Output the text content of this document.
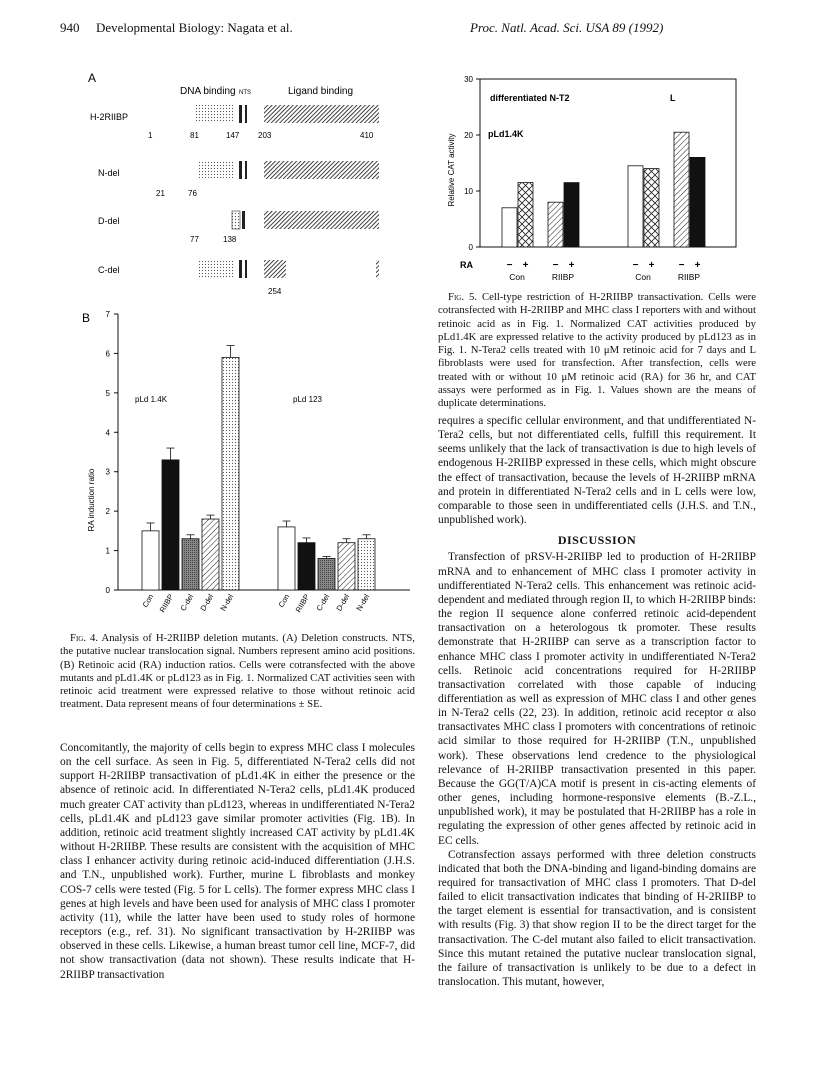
940 Developmental Biology: Nagata et al.	Proc. Natl. Acad. Sci. USA 89 (1992)
A
DNA binding NTS	Ligand binding
H-2RIIBP
1	81	147 203	410
N-del
21	76
D-del
77	138
C-del
254
B
RA induction ratio
pLd 1.4K	pLd 123
0
1
2
3
4
5
6
7
Con RIIBP C-del D-del N-del	Con RIIBP C-del D-del N-del

Fig. 4. Analysis of H-2RIIBP deletion mutants. (A) Deletion constructs. NTS, the putative nuclear translocation signal. Numbers represent amino acid positions. (B) Retinoic acid (RA) induction ratios. Cells were cotransfected with the above mutants and pLd1.4K or pLd123 as in Fig. 1. Normalized CAT activities seen with retinoic acid treatment were expressed relative to those without retinoic acid treatment. Data represent means of four determinations ± SE.

Concomitantly, the majority of cells begin to express MHC class I molecules on the cell surface. As seen in Fig. 5, differentiated N-Tera2 cells did not support H-2RIIBP transactivation of pLd1.4K in either the presence or the absence of retinoic acid. In differentiated N-Tera2 cells, pLd1.4K produced much greater CAT activity than pLd123, whereas in undifferentiated N-Tera2 cells, pLd1.4K and pLd123 gave similar promoter activities (Fig. 1B). In addition, retinoic acid treatment slightly increased CAT activity by pLd1.4K without H-2RIIBP. These results are consistent with the acquisition of MHC class I enhancer activity during retinoic acid-induced differentiation (J.H.S. and T.N., unpublished work). Further, murine L fibroblasts and monkey COS-7 cells were tested (Fig. 5 for L cells). The former express MHC class I genes at high levels and have been used for analysis of MHC class I promoter activity (11), while the latter have been used to study roles of hormone receptors (e.g., ref. 31). No significant transactivation by H-2RIIBP was observed in these cells. Likewise, a human breast tumor cell line, MCF-7, did not show transactivation (data not shown). These results indicate that H-2RIIBP transactivation

Relative CAT activity
differentiated N-T2	L
pLd1.4K
RA
0
10
20
30
− + − +
Con	RIIBP
− + − +
Con	RIIBP

Fig. 5. Cell-type restriction of H-2RIIBP transactivation. Cells were cotransfected with H-2RIIBP and MHC class I reporters with and without retinoic acid as in Fig. 1. Normalized CAT activities produced by pLd1.4K are expressed relative to the activity produced by pLd123 as in Fig. 1. N-Tera2 cells treated with 10 μM retinoic acid for 7 days and L fibroblasts were used for transfection. After transfection, cells were treated with or without 10 μM retinoic acid (RA) for 36 hr, and CAT assays were performed as in Fig. 1. Values shown are the means of duplicate determinations.

requires a specific cellular environment, and that undifferentiated N-Tera2 cells, but not differentiated cells, fulfill this requirement. It seems unlikely that the lack of transactivation is due to high levels of endogenous H-2RIIBP expressed in these cells, which might obscure the effect of transactivation, because the levels of H-2RIIBP mRNA and protein in differentiated N-Tera2 cells and in L cells were low, comparable to those seen in undifferentiated cells (J.H.S. and T.N., unpublished work).

DISCUSSION

Transfection of pRSV-H-2RIIBP led to production of H-2RIIBP mRNA and to enhancement of MHC class I promoter activity in undifferentiated N-Tera2 cells. This enhancement was retinoic acid-dependent and mediated through region II, to which H-2RIIBP binds: the region II sequence alone conferred retinoic acid-dependent transactivation on a heterologous tk promoter. These results demonstrate that H-2RIIBP can serve as a transcription factor to enhance MHC class I promoter activity in undifferentiated N-Tera2 cells. Retinoic acid concentrations required for H-2RIIBP transactivation correlated with those capable of inducing differentiation as well as expression of MHC class I and other genes in N-Tera2 cells (22, 23). In addition, retinoic acid receptor α also transactivates MHC class I promoters with concentrations of retinoic acid similar to those required for H-2RIIBP (T.N., unpublished work). These observations lend credence to the physiological relevance of H-2RIIBP transactivation presented in this paper. Because the GG(T/A)CA motif is present in cis-acting elements of other genes, including hormone-responsive elements (B.-Z.L., unpublished work), it may be postulated that H-2RIIBP has a role in regulating the expression of other genes affected by retinoic acid in EC cells.

Cotransfection assays performed with three deletion constructs indicated that both the DNA-binding and ligand-binding domains are required for transactivation of MHC class I promoters. That D-del failed to elicit transactivation indicates that binding of H-2RIIBP to the target element is essential for transactivation, and is consistent with results (Fig. 3) that show region II to be the direct target for the transactivation. The C-del mutant also failed to elicit transactivation. Since this mutant retained the putative nuclear translocation signal, the failure of transactivation is unlikely to be due to a defect in translocation. This mutant, however,
